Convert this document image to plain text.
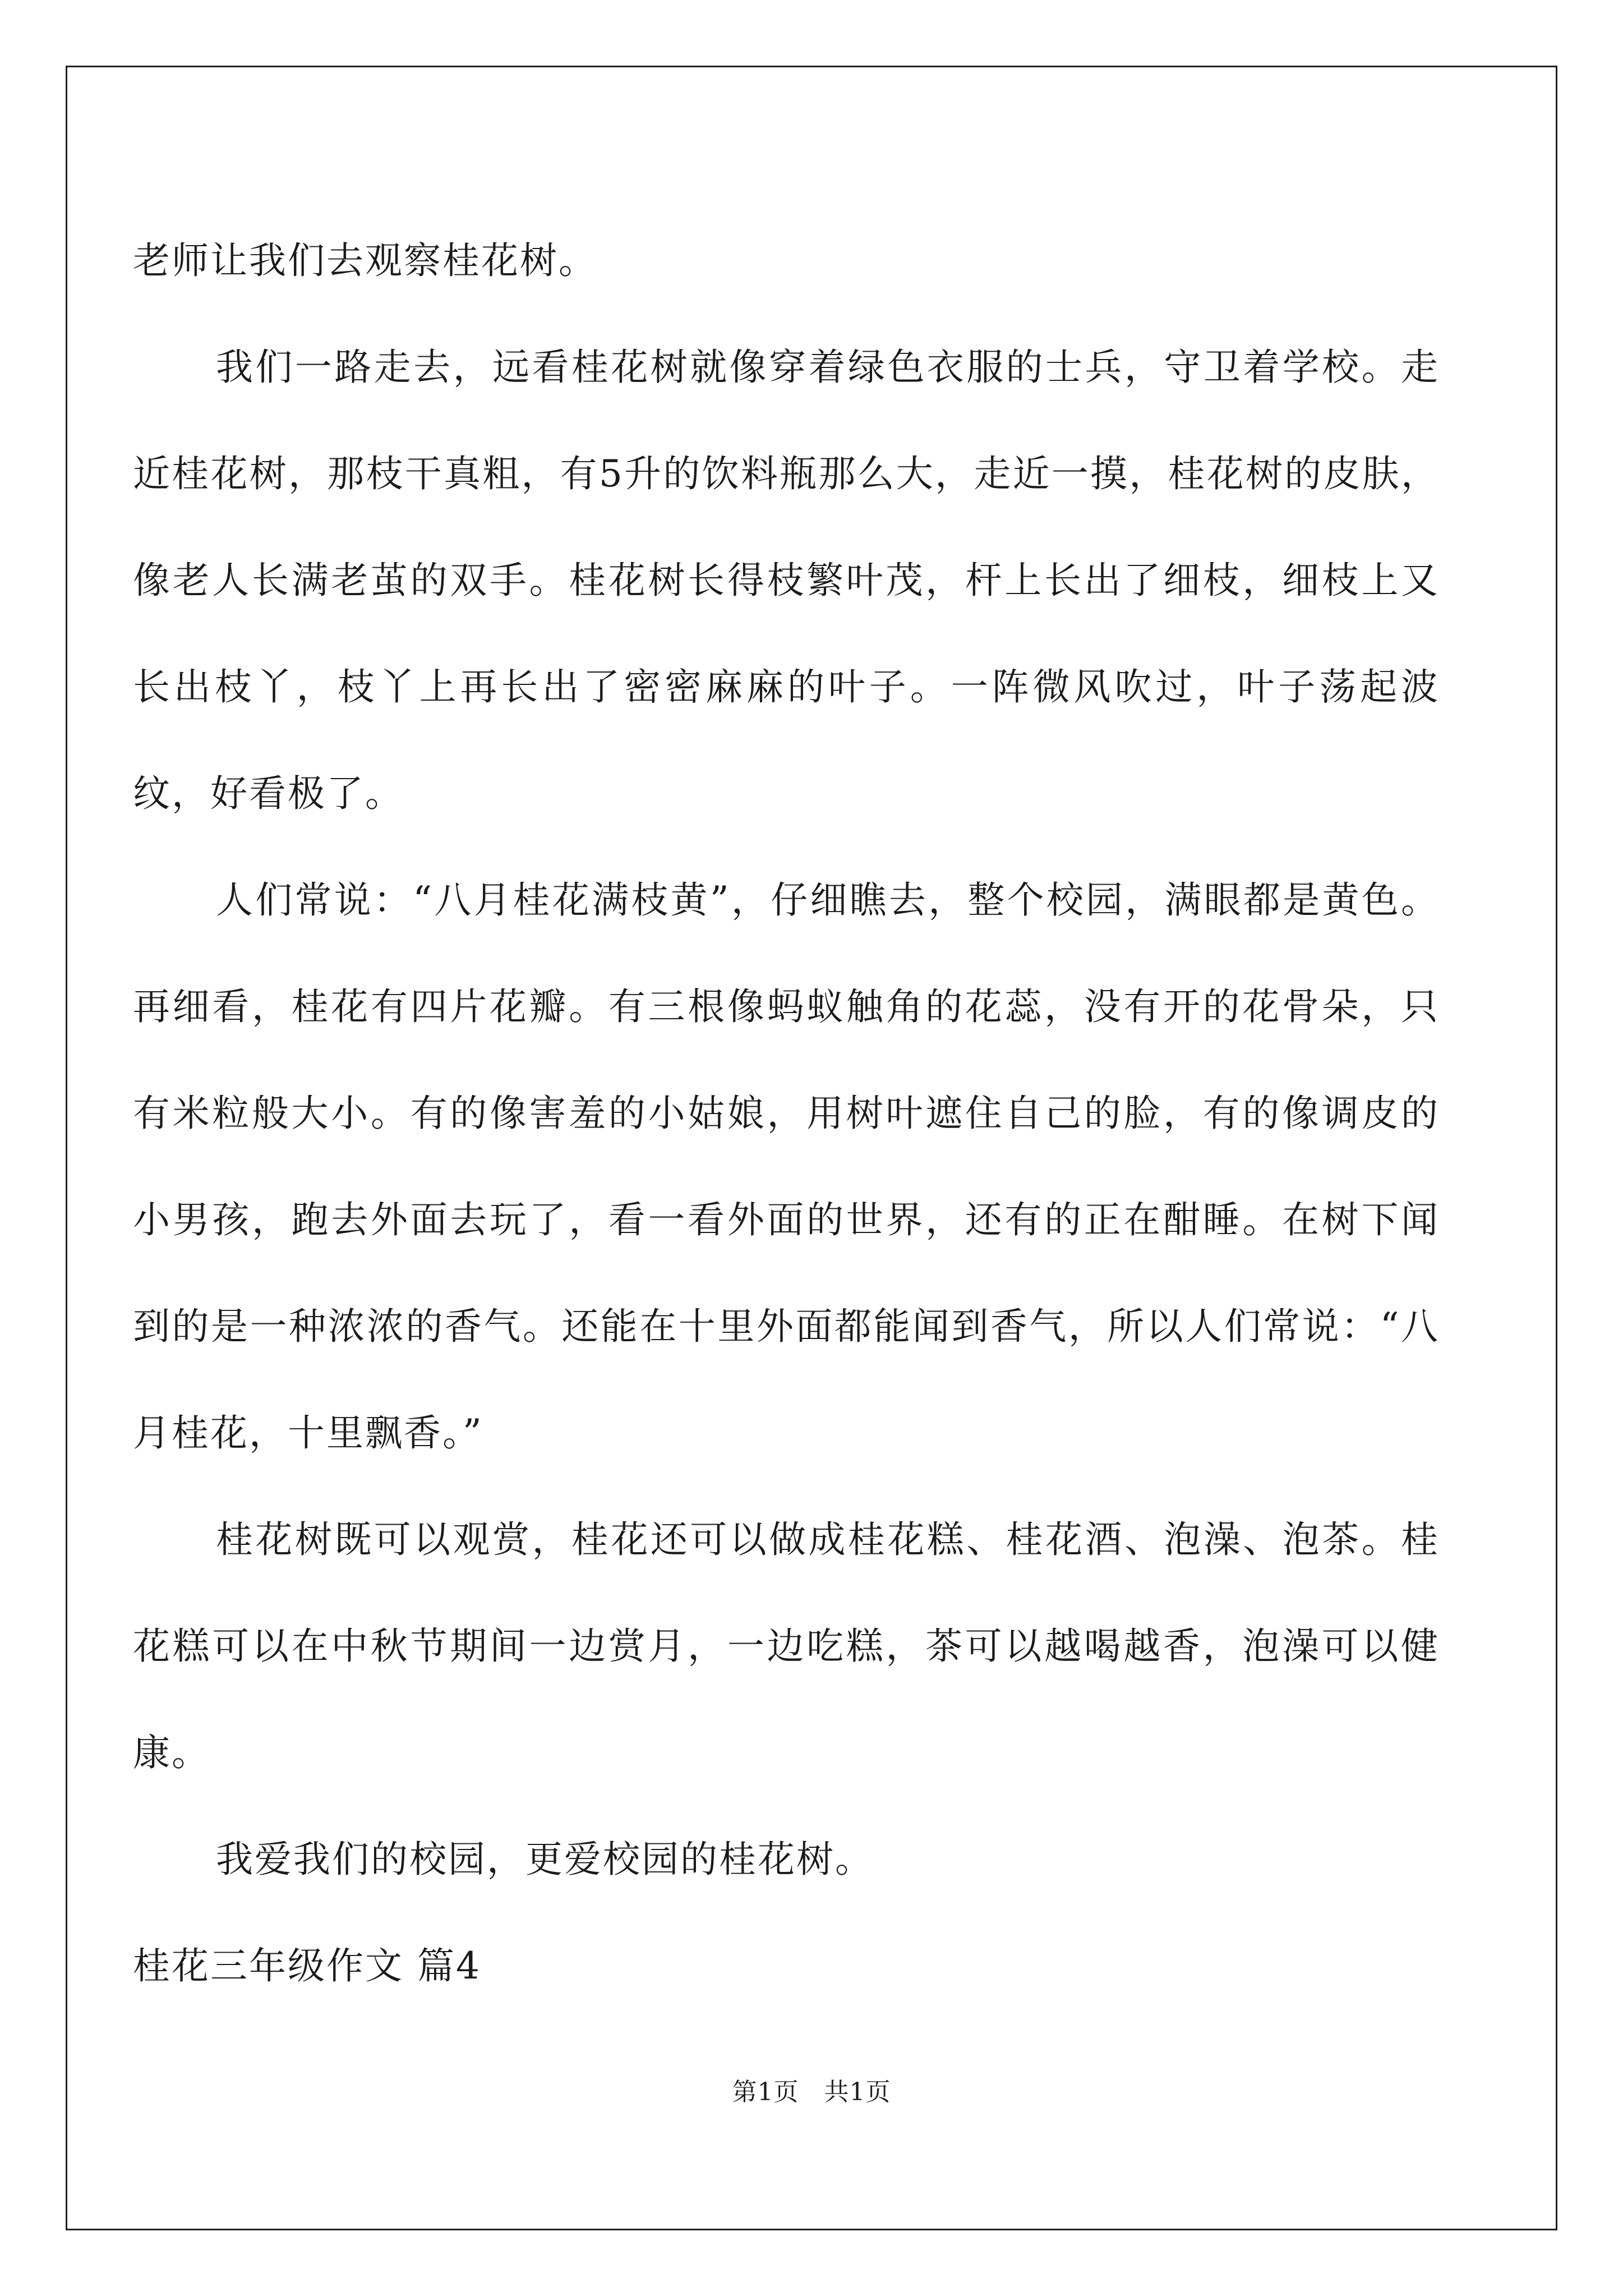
老师让我们去观察桂花树。

我们一路走去，远看桂花树就像穿着绿色衣服的士兵，守卫着学校。走近桂花树，那枝干真粗，有5升的饮料瓶那么大，走近一摸，桂花树的皮肤，像老人长满老茧的双手。桂花树长得枝繁叶茂，杆上长出了细枝，细枝上又长出枝丫，枝丫上再长出了密密麻麻的叶子。一阵微风吹过，叶子荡起波纹，好看极了。

人们常说：“八月桂花满枝黄”，仔细瞧去，整个校园，满眼都是黄色。再细看，桂花有四片花瓣。有三根像蚂蚁触角的花蕊，没有开的花骨朵，只有米粒般大小。有的像害羞的小姑娘，用树叶遮住自己的脸，有的像调皮的小男孩，跑去外面去玩了，看一看外面的世界，还有的正在酣睡。在树下闻到的是一种浓浓的香气。还能在十里外面都能闻到香气，所以人们常说：“八月桂花，十里飘香。”

桂花树既可以观赏，桂花还可以做成桂花糕、桂花酒、泡澡、泡茶。桂花糕可以在中秋节期间一边赏月，一边吃糕，茶可以越喝越香，泡澡可以健康。

我爱我们的校园，更爱校园的桂花树。

桂花三年级作文 篇4

第1页　共1页
